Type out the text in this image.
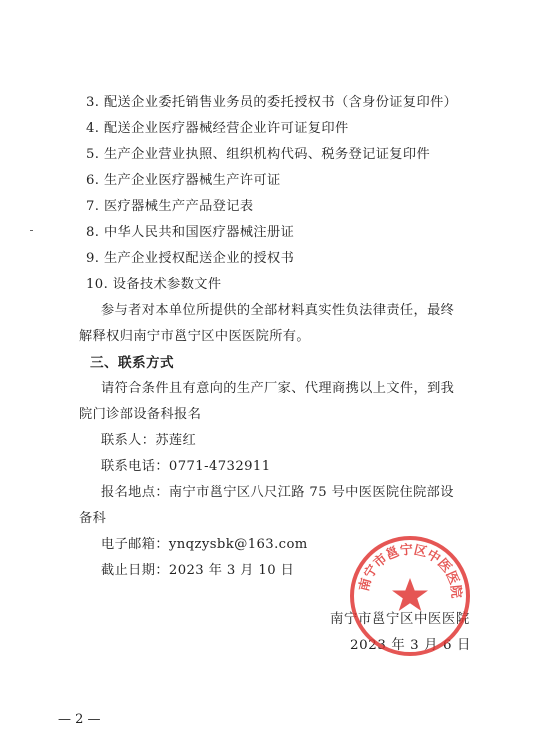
3. 配送企业委托销售业务员的委托授权书（含身份证复印件）
4. 配送企业医疗器械经营企业许可证复印件
5. 生产企业营业执照、组织机构代码、税务登记证复印件
6. 生产企业医疗器械生产许可证
7. 医疗器械生产产品登记表
8. 中华人民共和国医疗器械注册证
9. 生产企业授权配送企业的授权书
10. 设备技术参数文件
参与者对本单位所提供的全部材料真实性负法律责任，最终
解释权归南宁市邕宁区中医医院所有。
三、联系方式
请符合条件且有意向的生产厂家、代理商携以上文件，到我
院门诊部设备科报名
联系人：苏莲红
联系电话：0771-4732911
报名地点：南宁市邕宁区八尺江路 75 号中医医院住院部设
备科
电子邮箱：ynqzysbk@163.com
截止日期：2023 年 3 月 10 日
南宁市邕宁区中医医院
2023 年 3 月 6 日
南宁市邕宁区中医医院
— 2 —
